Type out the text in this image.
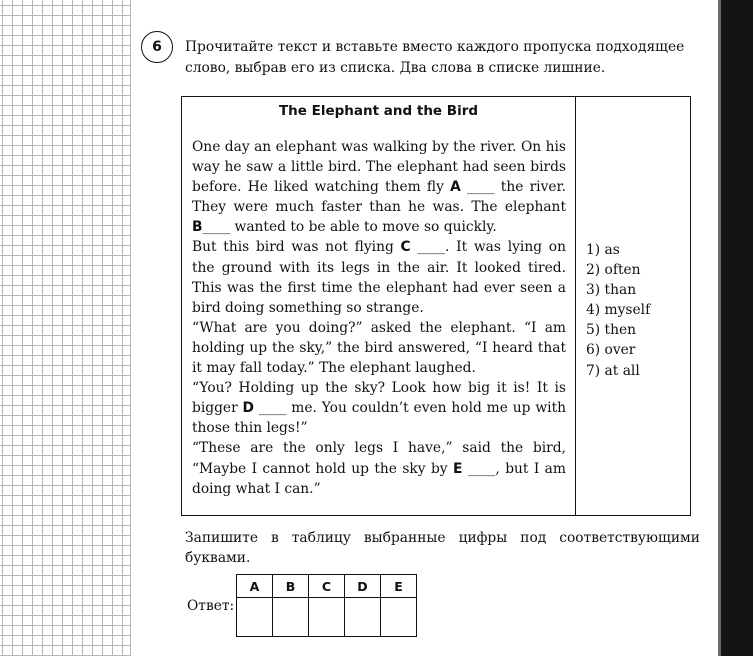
6 Прочитайте текст и вставьте вместо каждого пропуска подходящее
слово, выбрав его из списка. Два слова в списке лишние.
The Elephant and the Bird

One day an elephant was walking by the river. On his way he saw a little bird. The elephant had seen birds before. He liked watching them fly A ____ the river. They were much faster than he was. The elephant B____ wanted to be able to move so quickly.

But this bird was not flying C ____. It was lying on the ground with its legs in the air. It looked tired. This was the first time the elephant had ever seen a bird doing something so strange.

“What are you doing?” asked the elephant. “I am holding up the sky,” the bird answered, “I heard that it may fall today.” The elephant laughed.

“You? Holding up the sky? Look how big it is! It is bigger D ____ me. You couldn’t even hold me up with those thin legs!”

“These are the only legs I have,” said the bird, “Maybe I cannot hold up the sky by E ____, but I am doing what I can.”

1) as
2) often
3) than
4) myself
5) then
6) over
7) at all
Запишите в таблицу выбранные цифры под соответствующими буквами.
Ответ:
A	B	C	D	E
